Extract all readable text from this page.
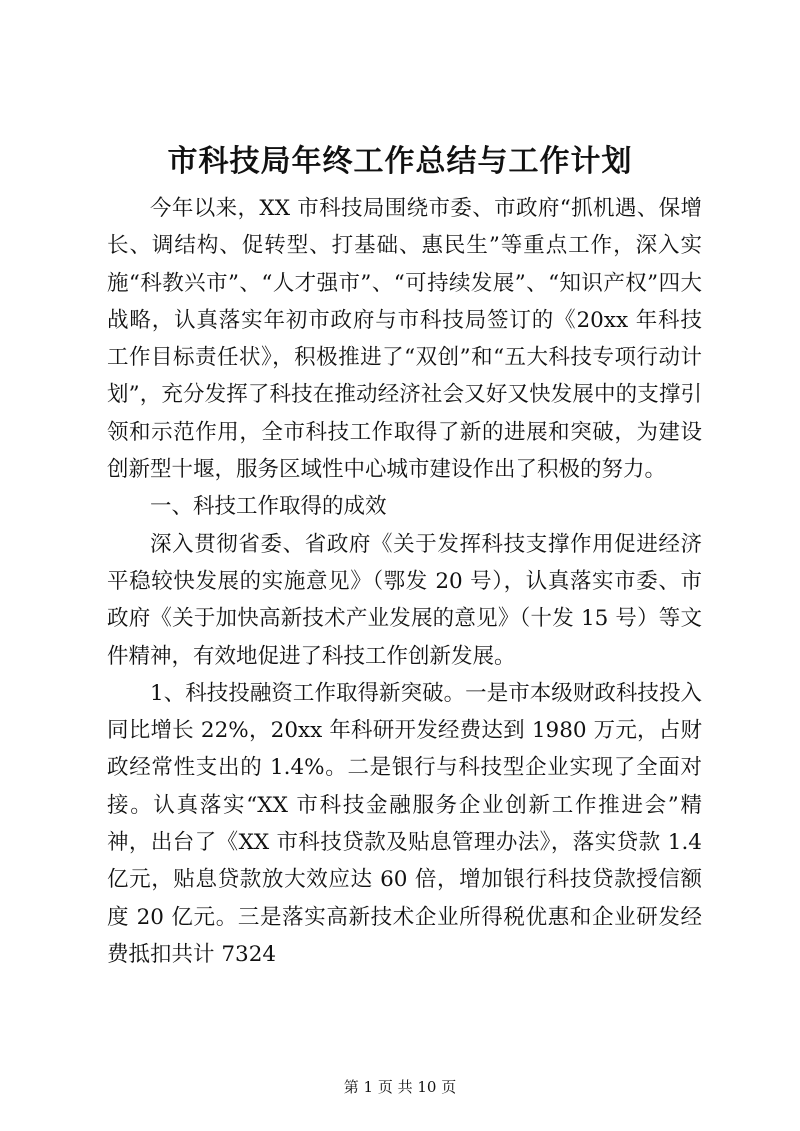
市科技局年终工作总结与工作计划

今年以来，XX 市科技局围绕市委、市政府“抓机遇、保增长、调结构、促转型、打基础、惠民生”等重点工作，深入实施“科教兴市”、“人才强市”、“可持续发展”、“知识产权”四大战略，认真落实年初市政府与市科技局签订的《20xx 年科技工作目标责任状》，积极推进了“双创”和“五大科技专项行动计划”，充分发挥了科技在推动经济社会又好又快发展中的支撑引领和示范作用，全市科技工作取得了新的进展和突破，为建设创新型十堰，服务区域性中心城市建设作出了积极的努力。

一、科技工作取得的成效

深入贯彻省委、省政府《关于发挥科技支撑作用促进经济平稳较快发展的实施意见》（鄂发 20 号），认真落实市委、市政府《关于加快高新技术产业发展的意见》（十发 15 号）等文件精神，有效地促进了科技工作创新发展。

1、科技投融资工作取得新突破。一是市本级财政科技投入同比增长 22%，20xx 年科研开发经费达到 1980 万元，占财政经常性支出的 1.4%。二是银行与科技型企业实现了全面对接。认真落实“XX 市科技金融服务企业创新工作推进会”精神，出台了《XX 市科技贷款及贴息管理办法》，落实贷款 1.4 亿元，贴息贷款放大效应达 60 倍，增加银行科技贷款授信额度 20 亿元。三是落实高新技术企业所得税优惠和企业研发经费抵扣共计 7324

第 1 页 共 10 页
